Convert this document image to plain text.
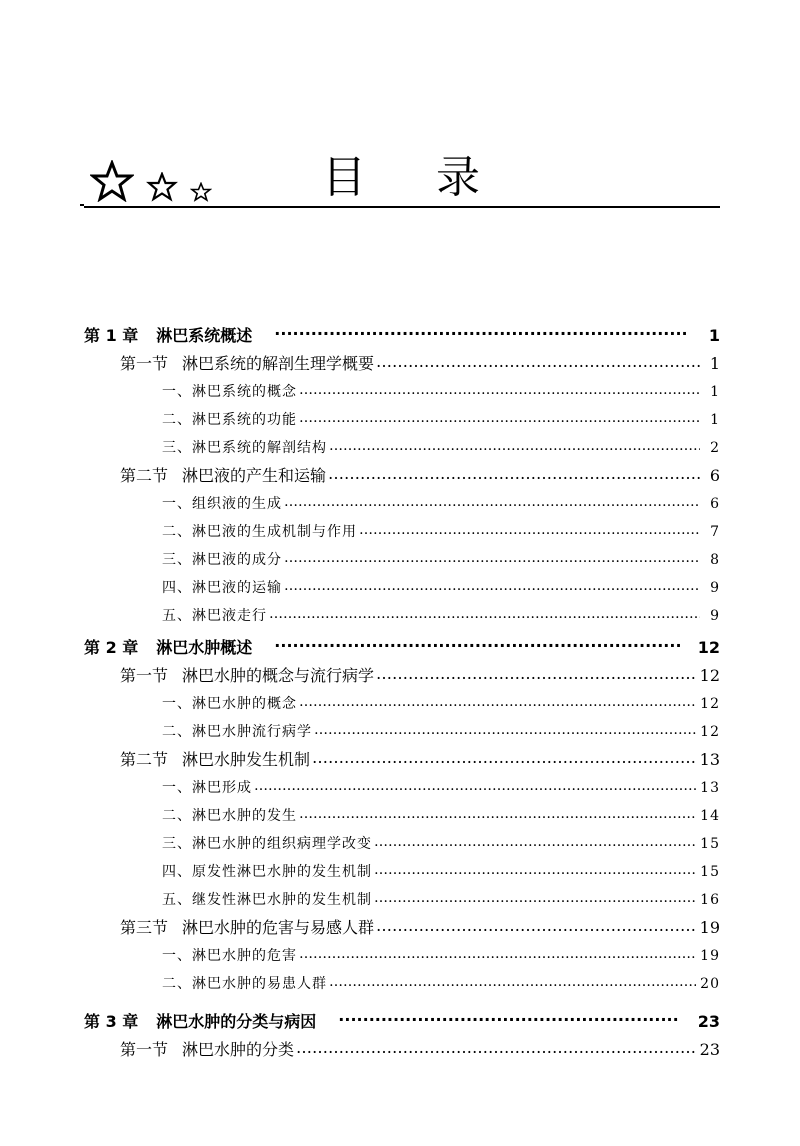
目 录
第 1 章 淋巴系统概述 ·····	1
第一节 淋巴系统的解剖生理学概要 …………………………………………………………………………………………………………………………………………………………………	1
一、淋巴系统的概念 …………………………………………………………………………………………………………………………………………………………………	1
二、淋巴系统的功能 …………………………………………………………………………………………………………………………………………………………………	1
三、淋巴系统的解剖结构 …………………………………………………………………………………………………………………………………………………………………	2
第二节 淋巴液的产生和运输 …………………………………………………………………………………………………………………………………………………………………	6
一、组织液的生成 …………………………………………………………………………………………………………………………………………………………………	6
二、淋巴液的生成机制与作用 …………………………………………………………………………………………………………………………………………………………………	7
三、淋巴液的成分 …………………………………………………………………………………………………………………………………………………………………	8
四、淋巴液的运输 …………………………………………………………………………………………………………………………………………………………………	9
五、淋巴液走行 …………………………………………………………………………………………………………………………………………………………………	9
第 2 章 淋巴水肿概述 ·····	12
第一节 淋巴水肿的概念与流行病学 …………………………………………………………………………………………………………………………………………………………………	12
一、淋巴水肿的概念 …………………………………………………………………………………………………………………………………………………………………	12
二、淋巴水肿流行病学 …………………………………………………………………………………………………………………………………………………………………	12
第二节 淋巴水肿发生机制 …………………………………………………………………………………………………………………………………………………………………	13
一、淋巴形成 …………………………………………………………………………………………………………………………………………………………………	13
二、淋巴水肿的发生 …………………………………………………………………………………………………………………………………………………………………	14
三、淋巴水肿的组织病理学改变 …………………………………………………………………………………………………………………………………………………………………	15
四、原发性淋巴水肿的发生机制 …………………………………………………………………………………………………………………………………………………………………	15
五、继发性淋巴水肿的发生机制 …………………………………………………………………………………………………………………………………………………………………	16
第三节 淋巴水肿的危害与易感人群 …………………………………………………………………………………………………………………………………………………………………	19
一、淋巴水肿的危害 …………………………………………………………………………………………………………………………………………………………………	19
二、淋巴水肿的易患人群 …………………………………………………………………………………………………………………………………………………………………	20
第 3 章 淋巴水肿的分类与病因 ·····	23
第一节 淋巴水肿的分类 …………………………………………………………………………………………………………………………………………………………………	23
